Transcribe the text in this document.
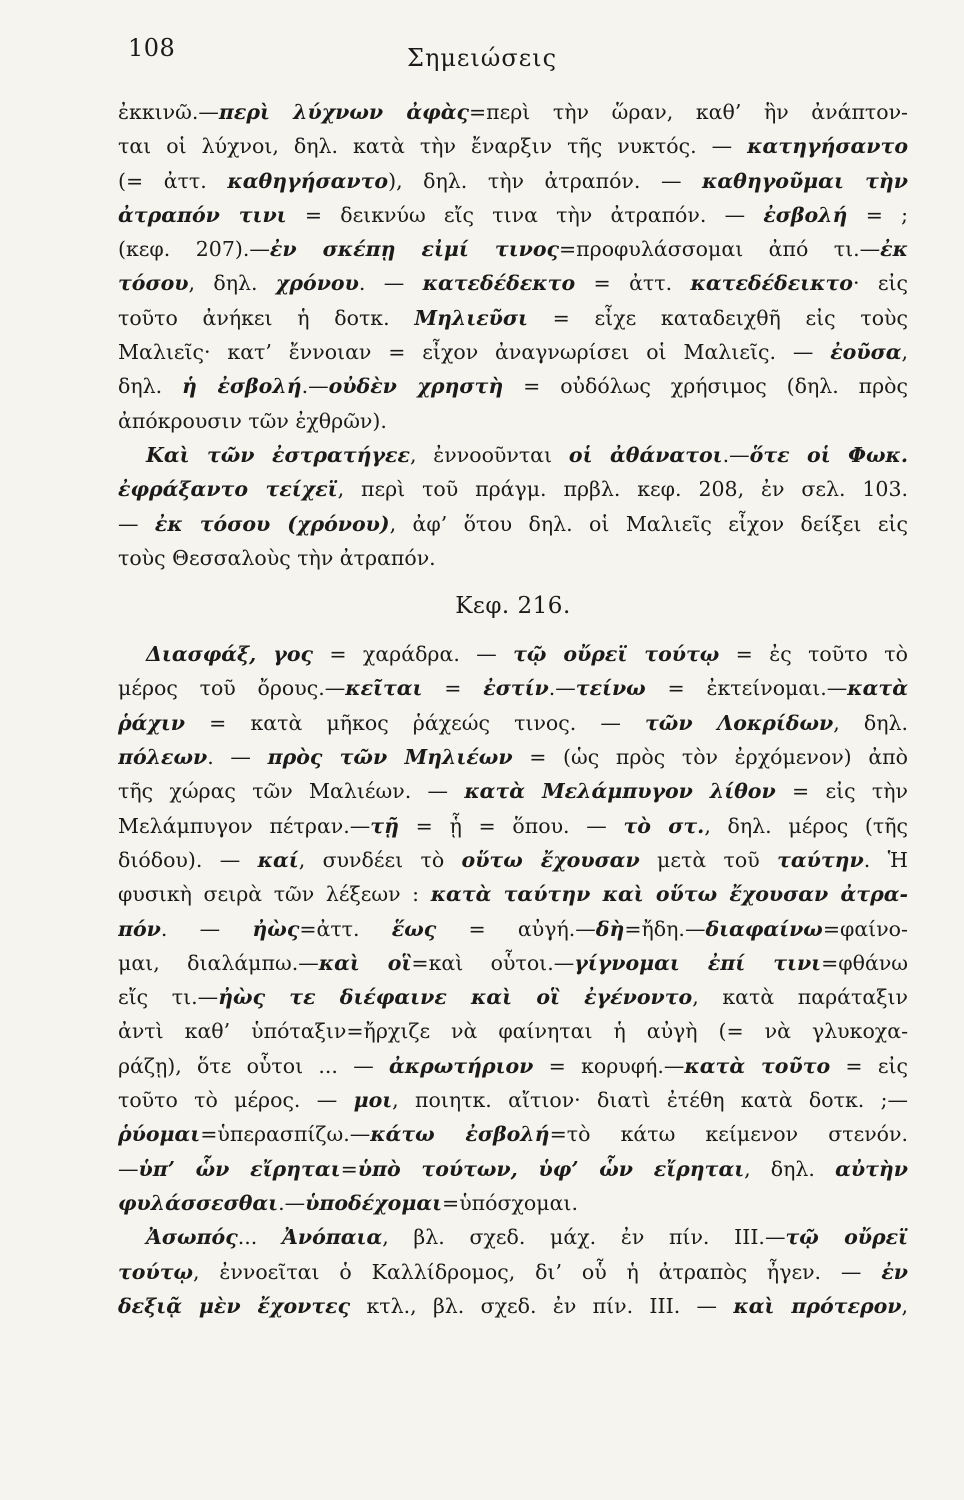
108	Σημειώσεις
ἐκκινῶ.—περὶ λύχνων ἀφὰς=περὶ τὴν ὥραν, καθ’ ἣν ἀνάπτον-
ται οἱ λύχνοι, δηλ. κατὰ τὴν ἔναρξιν τῆς νυκτός. — κατηγήσαντο
(= ἀττ. καθηγήσαντο), δηλ. τὴν ἀτραπόν. — καθηγοῦμαι τὴν
ἀτραπόν τινι = δεικνύω εἴς τινα τὴν ἀτραπόν. — ἐσβολή = ;
(κεφ. 207).—ἐν σκέπῃ εἰμί τινος=προφυλάσσομαι ἀπό τι.—ἐκ
τόσου, δηλ. χρόνου. — κατεδέδεκτο = ἀττ. κατεδέδεικτο· εἰς
τοῦτο ἀνήκει ἡ δοτκ. Μηλιεῦσι = εἶχε καταδειχθῆ εἰς τοὺς
Μαλιεῖς· κατ’ ἔννοιαν = εἶχον ἀναγνωρίσει οἱ Μαλιεῖς. — ἐοῦσα,
δηλ. ἡ ἐσβολή.—οὐδὲν χρηστὴ = οὐδόλως χρήσιμος (δηλ. πρὸς
ἀπόκρουσιν τῶν ἐχθρῶν).
Καὶ τῶν ἐστρατήγεε, ἐννοοῦνται οἱ ἀθάνατοι.—ὅτε οἱ Φωκ.
ἐφράξαντο τείχεϊ, περὶ τοῦ πράγμ. πρβλ. κεφ. 208, ἐν σελ. 103.
— ἐκ τόσου (χρόνου), ἀφ’ ὅτου δηλ. οἱ Μαλιεῖς εἶχον δείξει εἰς
τοὺς Θεσσαλοὺς τὴν ἀτραπόν.
Κεφ. 216.
Διασφάξ, γος = χαράδρα. — τῷ οὔρεϊ τούτῳ = ἐς τοῦτο τὸ
μέρος τοῦ ὄρους.—κεῖται = ἐστίν.—τείνω = ἐκτείνομαι.—κατὰ
ῥάχιν = κατὰ μῆκος ῥάχεώς τινος. — τῶν Λοκρίδων, δηλ.
πόλεων. — πρὸς τῶν Μηλιέων = (ὡς πρὸς τὸν ἐρχόμενον) ἀπὸ
τῆς χώρας τῶν Μαλιέων. — κατὰ Μελάμπυγον λίθον = εἰς τὴν
Μελάμπυγον πέτραν.—τῇ = ᾗ = ὅπου. — τὸ στ., δηλ. μέρος (τῆς
διόδου). — καί, συνδέει τὸ οὕτω ἔχουσαν μετὰ τοῦ ταύτην. Ἡ
φυσικὴ σειρὰ τῶν λέξεων : κατὰ ταύτην καὶ οὕτω ἔχουσαν ἀτρα-
πόν. — ἠὼς=ἀττ. ἕως = αὐγή.—δὴ=ἤδη.—διαφαίνω=φαίνο-
μαι, διαλάμπω.—καὶ οἳ=καὶ οὗτοι.—γίγνομαι ἐπί τινι=φθάνω
εἴς τι.—ἠὼς τε διέφαινε καὶ οἳ ἐγένοντο, κατὰ παράταξιν
ἀντὶ καθ’ ὑπόταξιν=ἤρχιζε νὰ φαίνηται ἡ αὐγὴ (= νὰ γλυκοχα-
ράζῃ), ὅτε οὗτοι ... — ἀκρωτήριον = κορυφή.—κατὰ τοῦτο = εἰς
τοῦτο τὸ μέρος. — μοι, ποιητκ. αἴτιον· διατὶ ἐτέθη κατὰ δοτκ. ;—
ῥύομαι=ὑπερασπίζω.—κάτω ἐσβολή=τὸ κάτω κείμενον στενόν.
—ὑπ’ ὧν εἴρηται=ὑπὸ τούτων, ὑφ’ ὧν εἴρηται, δηλ. αὐτὴν
φυλάσσεσθαι.—ὑποδέχομαι=ὑπόσχομαι.
Ἀσωπός... Ἀνόπαια, βλ. σχεδ. μάχ. ἐν πίν. III.—τῷ οὔρεϊ
τούτῳ, ἐννοεῖται ὁ Καλλίδρομος, δι’ οὗ ἡ ἀτραπὸς ἦγεν. — ἐν
δεξιᾷ μὲν ἔχοντες κτλ., βλ. σχεδ. ἐν πίν. III. — καὶ πρότερον,
